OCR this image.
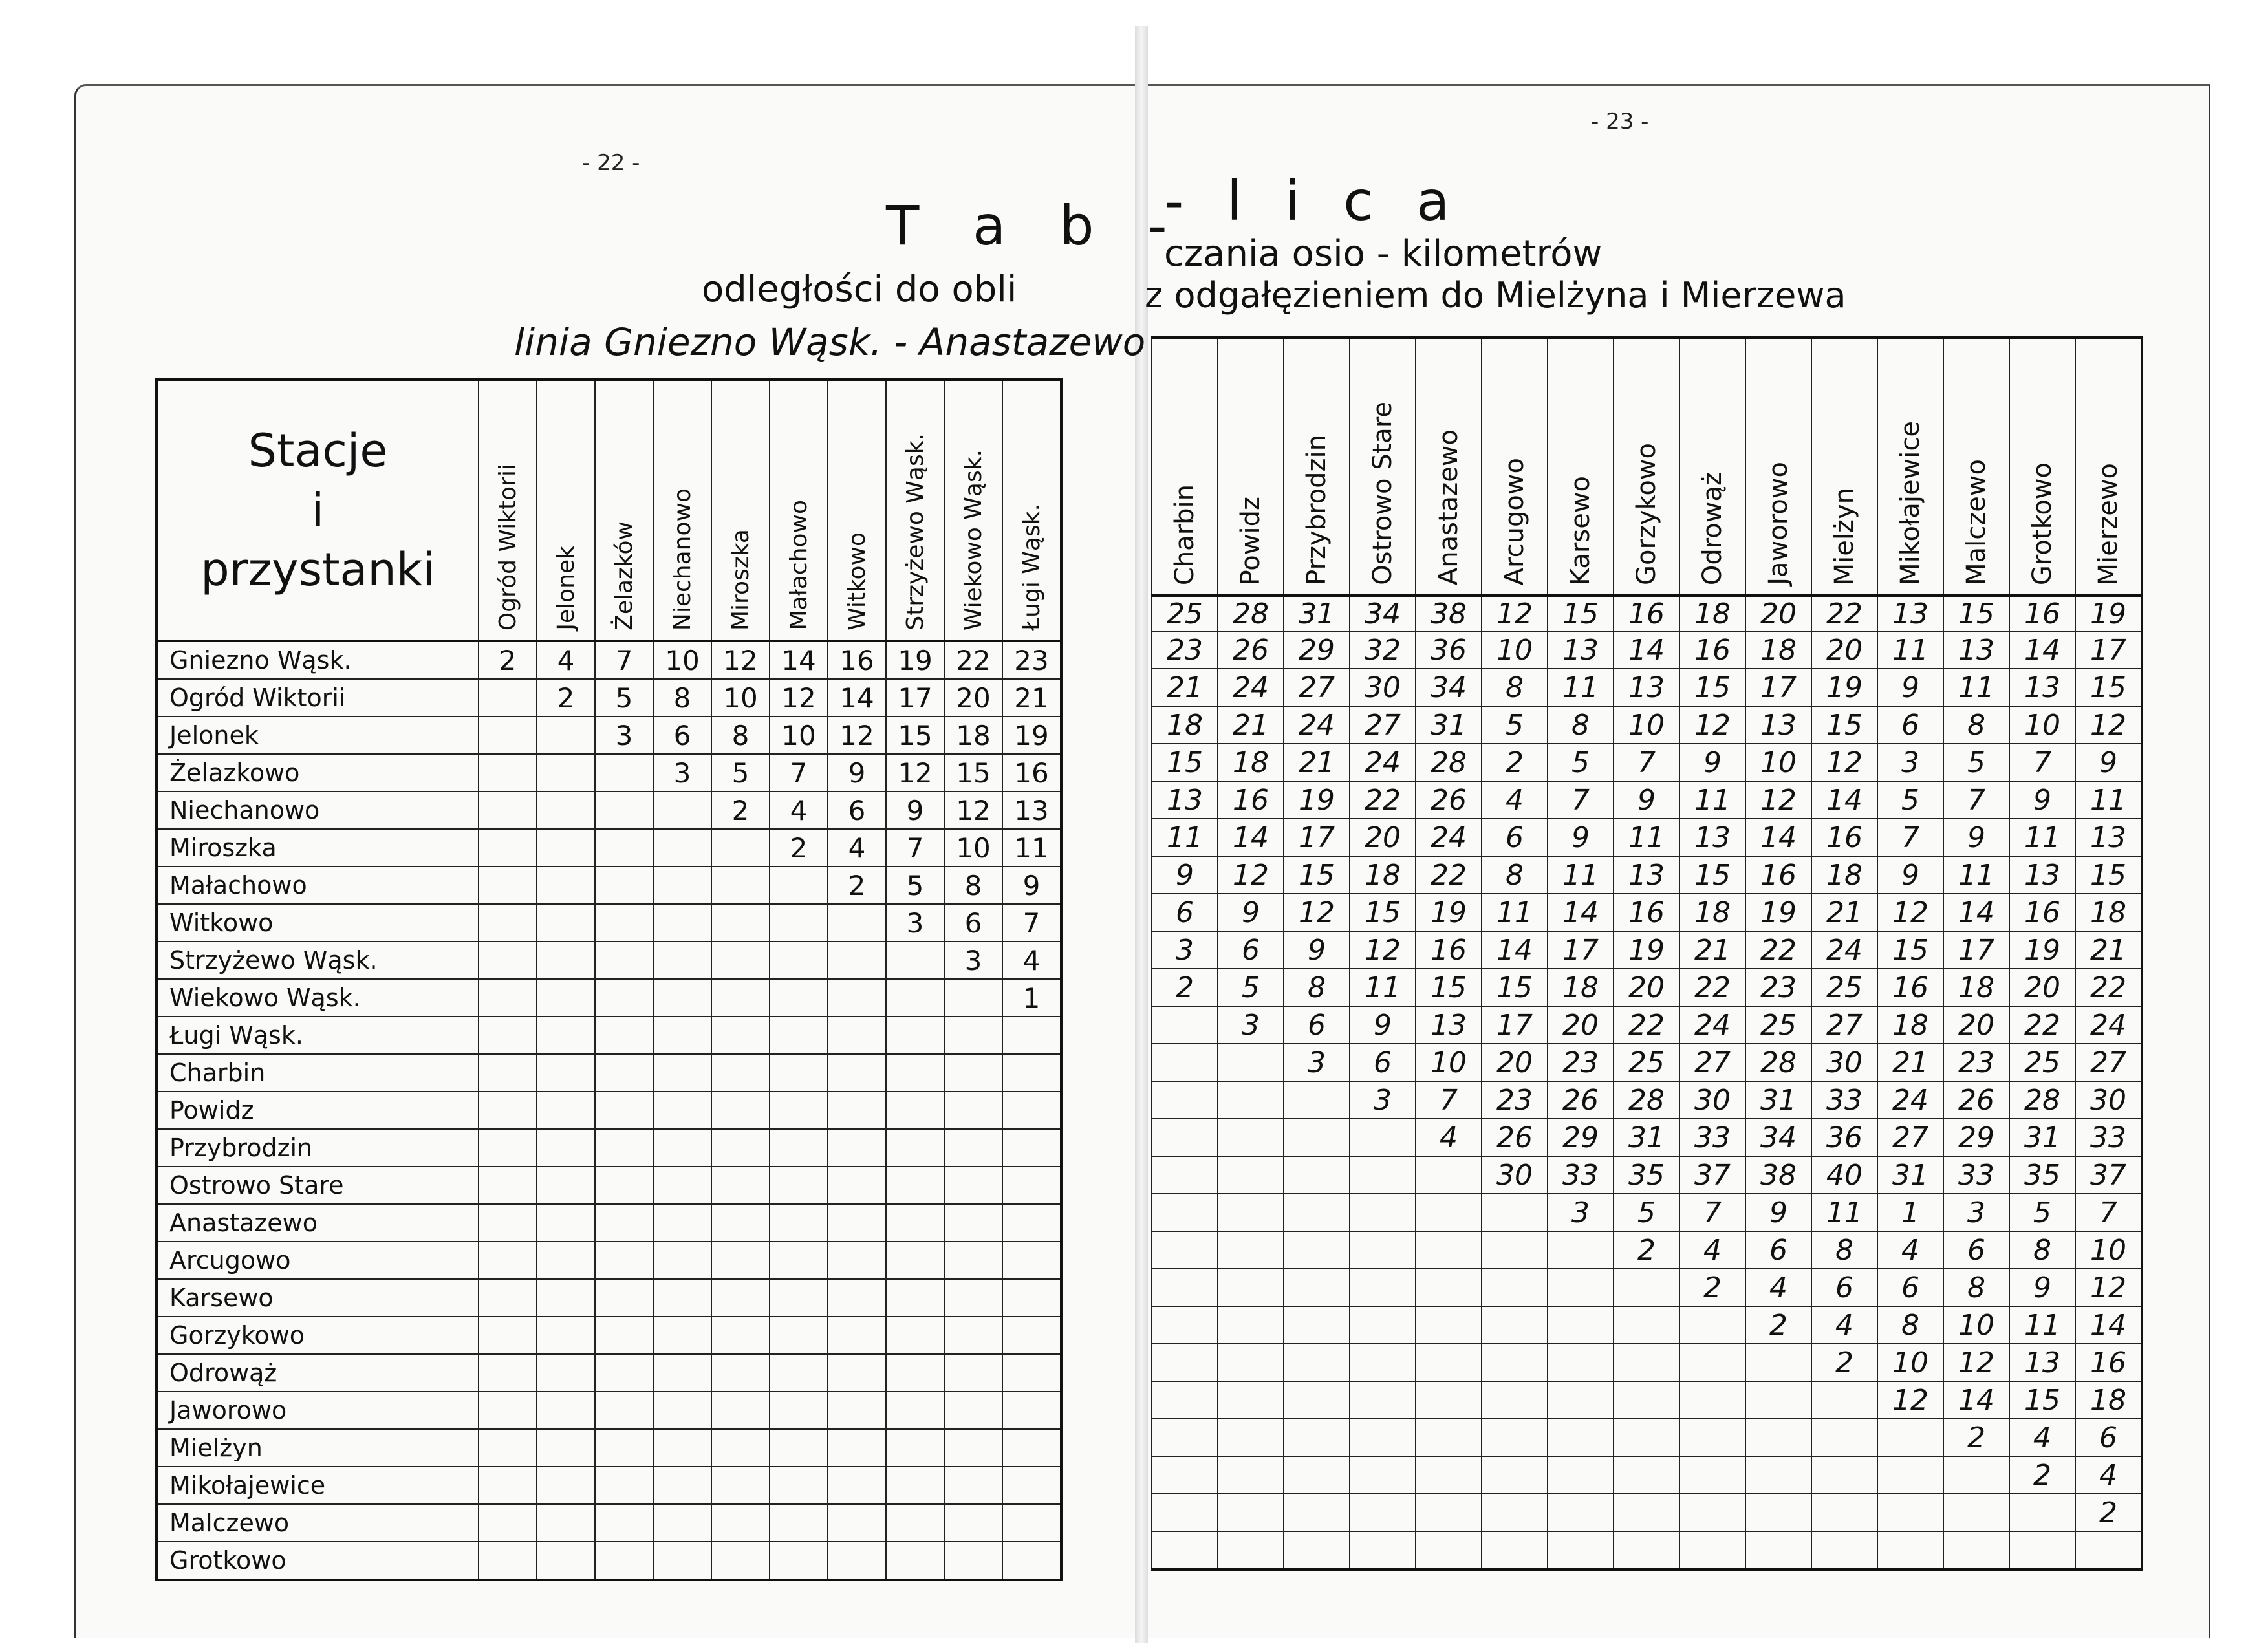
- 22 -
- 23 -
T a b -
- l i c a
odległości do obli
czania osio - kilometrów
linia Gniezno Wąsk. - Anastazewo
z odgałęzieniem do Mielżyna i Mierzewa
Stacje
i
przystanki	Ogród Wiktorii	Jelonek	Żelazków	Niechanowo	Miroszka	Małachowo	Witkowo	Strzyżewo Wąsk.	Wiekowo Wąsk.	Ługi Wąsk.

Gniezno Wąsk.	2	4	7	10	12	14	16	19	22	23
Ogród Wiktorii		2	5	8	10	12	14	17	20	21
Jelonek			3	6	8	10	12	15	18	19
Żelazkowo				3	5	7	9	12	15	16
Niechanowo					2	4	6	9	12	13
Miroszka						2	4	7	10	11
Małachowo							2	5	8	9
Witkowo								3	6	7
Strzyżewo Wąsk.									3	4
Wiekowo Wąsk.										1
Ługi Wąsk.										
Charbin										
Powidz										
Przybrodzin										
Ostrowo Stare										
Anastazewo										
Arcugowo										
Karsewo										
Gorzykowo										
Odrowąż										
Jaworowo										
Mielżyn										
Mikołajewice										
Malczewo										
Grotkowo										
Charbin	Powidz	Przybrodzin	Ostrowo Stare	Anastazewo	Arcugowo	Karsewo	Gorzykowo	Odrowąż	Jaworowo	Mielżyn	Mikołajewice	Malczewo	Grotkowo	Mierzewo

25	28	31	34	38	12	15	16	18	20	22	13	15	16	19
23	26	29	32	36	10	13	14	16	18	20	11	13	14	17
21	24	27	30	34	8	11	13	15	17	19	9	11	13	15
18	21	24	27	31	5	8	10	12	13	15	6	8	10	12
15	18	21	24	28	2	5	7	9	10	12	3	5	7	9
13	16	19	22	26	4	7	9	11	12	14	5	7	9	11
11	14	17	20	24	6	9	11	13	14	16	7	9	11	13
9	12	15	18	22	8	11	13	15	16	18	9	11	13	15
6	9	12	15	19	11	14	16	18	19	21	12	14	16	18
3	6	9	12	16	14	17	19	21	22	24	15	17	19	21
2	5	8	11	15	15	18	20	22	23	25	16	18	20	22
	3	6	9	13	17	20	22	24	25	27	18	20	22	24
		3	6	10	20	23	25	27	28	30	21	23	25	27
			3	7	23	26	28	30	31	33	24	26	28	30
				4	26	29	31	33	34	36	27	29	31	33
					30	33	35	37	38	40	31	33	35	37
						3	5	7	9	11	1	3	5	7
							2	4	6	8	4	6	8	10
								2	4	6	6	8	9	12
									2	4	8	10	11	14
										2	10	12	13	16
											12	14	15	18
												2	4	6
													2	4
														2
